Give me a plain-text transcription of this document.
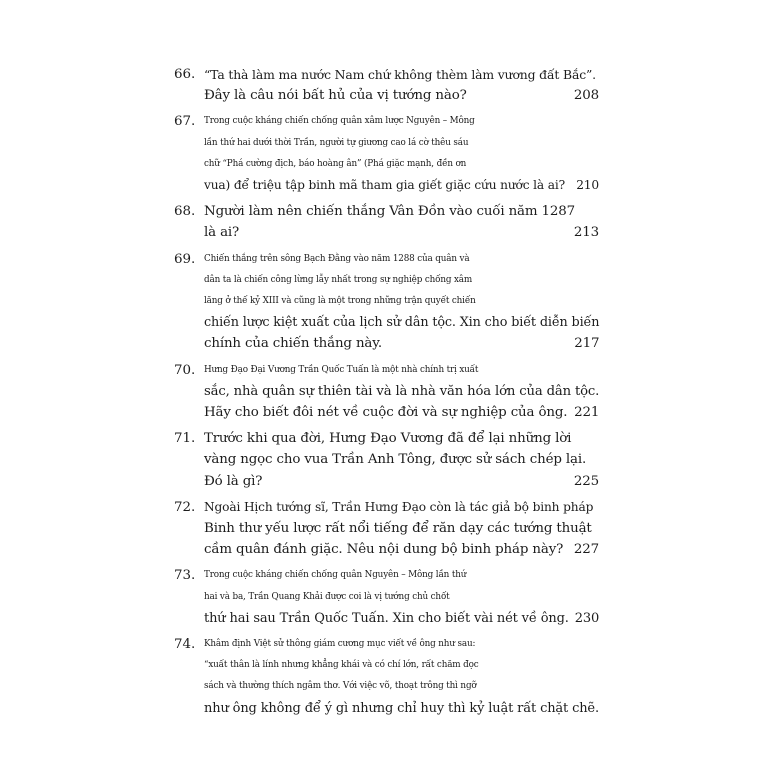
66. “Ta thà làm ma nước Nam chứ không thèm làm vương đất Bắc”.
Đây là câu nói bất hủ của vị tướng nào?	208
67. Trong cuộc kháng chiến chống quân xâm lược Nguyên – Mông
lần thứ hai dưới thời Trần, người tự giương cao lá cờ thêu sáu
chữ “Phá cường địch, báo hoàng ân” (Phá giặc mạnh, đền ơn
vua) để triệu tập binh mã tham gia giết giặc cứu nước là ai? 210
68. Người làm nên chiến thắng Vân Đồn vào cuối năm 1287
là ai?	213
69. Chiến thắng trên sông Bạch Đằng vào năm 1288 của quân và
dân ta là chiến công lừng lẫy nhất trong sự nghiệp chống xâm
lăng ở thế kỷ XIII và cũng là một trong những trận quyết chiến
chiến lược kiệt xuất của lịch sử dân tộc. Xin cho biết diễn biến
chính của chiến thắng này.	217
70. Hưng Đạo Đại Vương Trần Quốc Tuấn là một nhà chính trị xuất
sắc, nhà quân sự thiên tài và là nhà văn hóa lớn của dân tộc.
Hãy cho biết đôi nét về cuộc đời và sự nghiệp của ông. 221
71. Trước khi qua đời, Hưng Đạo Vương đã để lại những lời
vàng ngọc cho vua Trần Anh Tông, được sử sách chép lại.
Đó là gì?	225
72. Ngoài Hịch tướng sĩ, Trần Hưng Đạo còn là tác giả bộ binh pháp
Binh thư yếu lược rất nổi tiếng để răn dạy các tướng thuật
cầm quân đánh giặc. Nêu nội dung bộ binh pháp này? 227
73. Trong cuộc kháng chiến chống quân Nguyên – Mông lần thứ
hai và ba, Trần Quang Khải được coi là vị tướng chủ chốt
thứ hai sau Trần Quốc Tuấn. Xin cho biết vài nét về ông. 230
74. Khâm định Việt sử thông giám cương mục viết về ông như sau:
“xuất thân là lính nhưng khẳng khái và có chí lớn, rất chăm đọc
sách và thường thích ngâm thơ. Với việc võ, thoạt trông thì ngỡ
như ông không để ý gì nhưng chỉ huy thì kỷ luật rất chặt chẽ.
